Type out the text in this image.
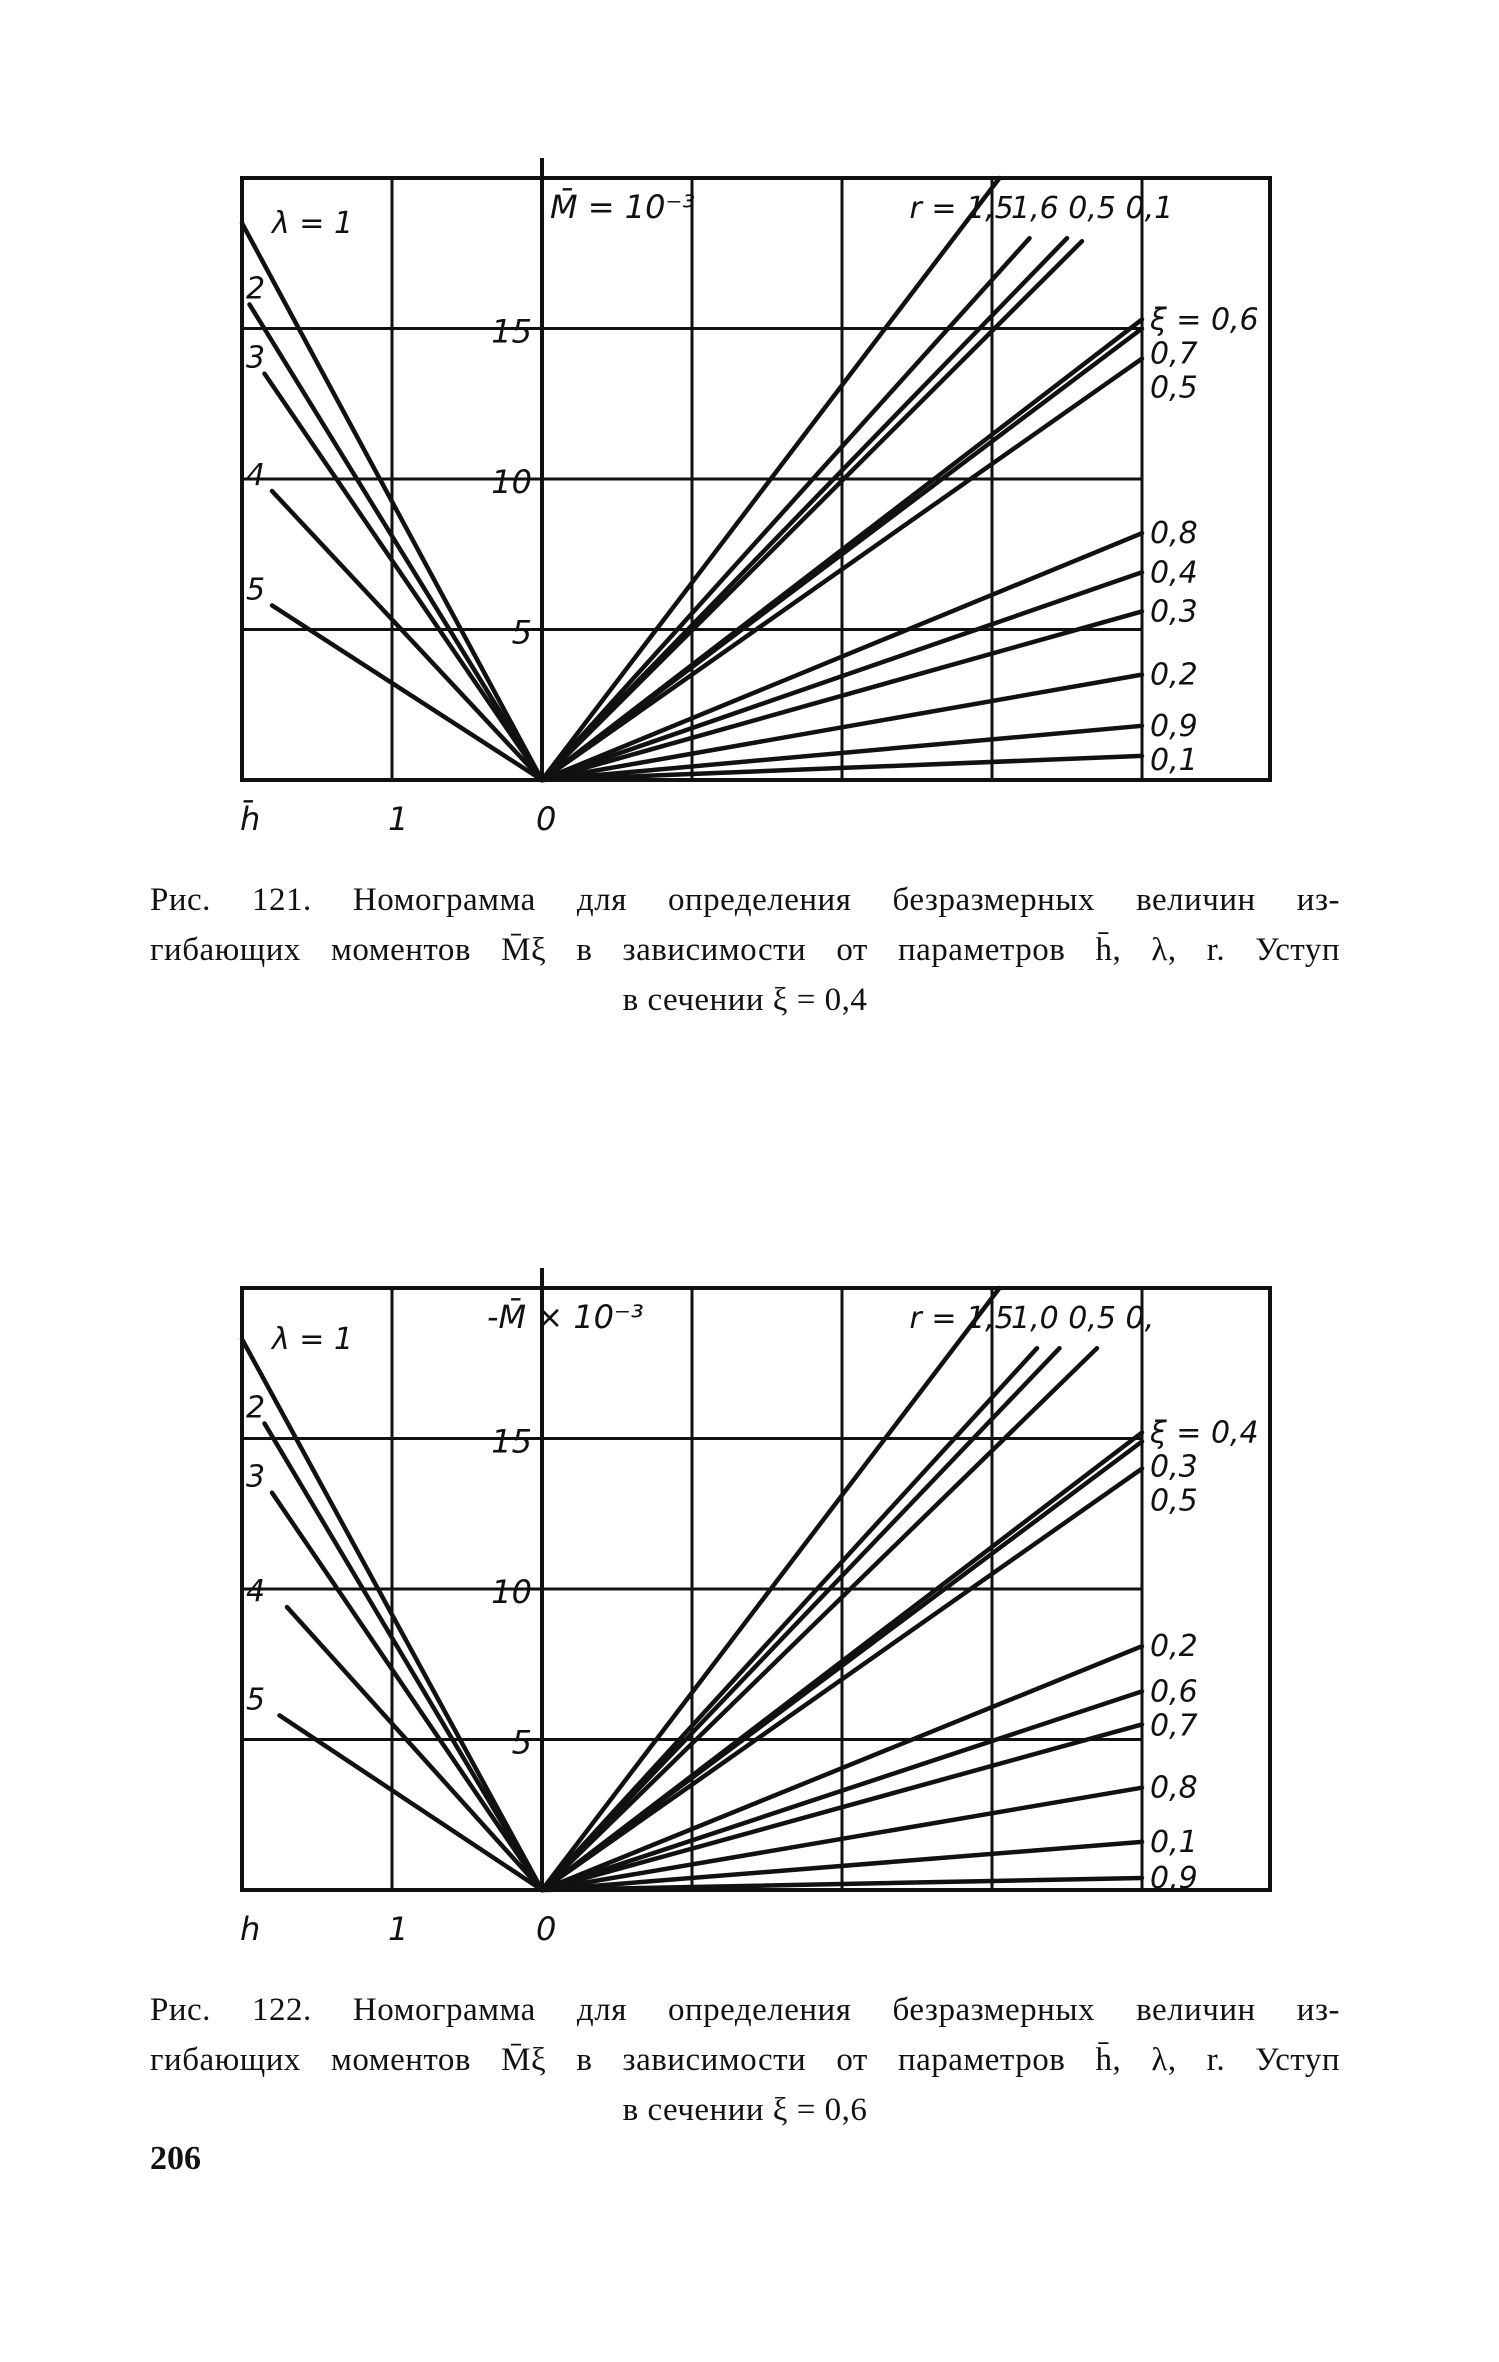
5
10
15
M̄ = 10⁻³
h̄	1	0
λ = 1
2
3
4
5
ξ = 0,6
0,7
0,5
0,8
0,4
0,3
0,2
0,9
0,1
r = 1,5
1,6 0,5 0,1
Рис. 121. Номограмма для определения безразмерных величин из-
гибающих моментов M̄ξ в зависимости от параметров h̄, λ, r. Уступ
в сечении ξ = 0,4
5
10
15
-M̄ × 10⁻³
h	1	0
λ = 1
2
3
4
5
ξ = 0,4
0,3
0,5
0,2
0,6
0,7
0,8
0,1
0,9
r = 1,5
1,0 0,5 0,
Рис. 122. Номограмма для определения безразмерных величин из-
гибающих моментов M̄ξ в зависимости от параметров h̄, λ, r. Уступ
в сечении ξ = 0,6
206
